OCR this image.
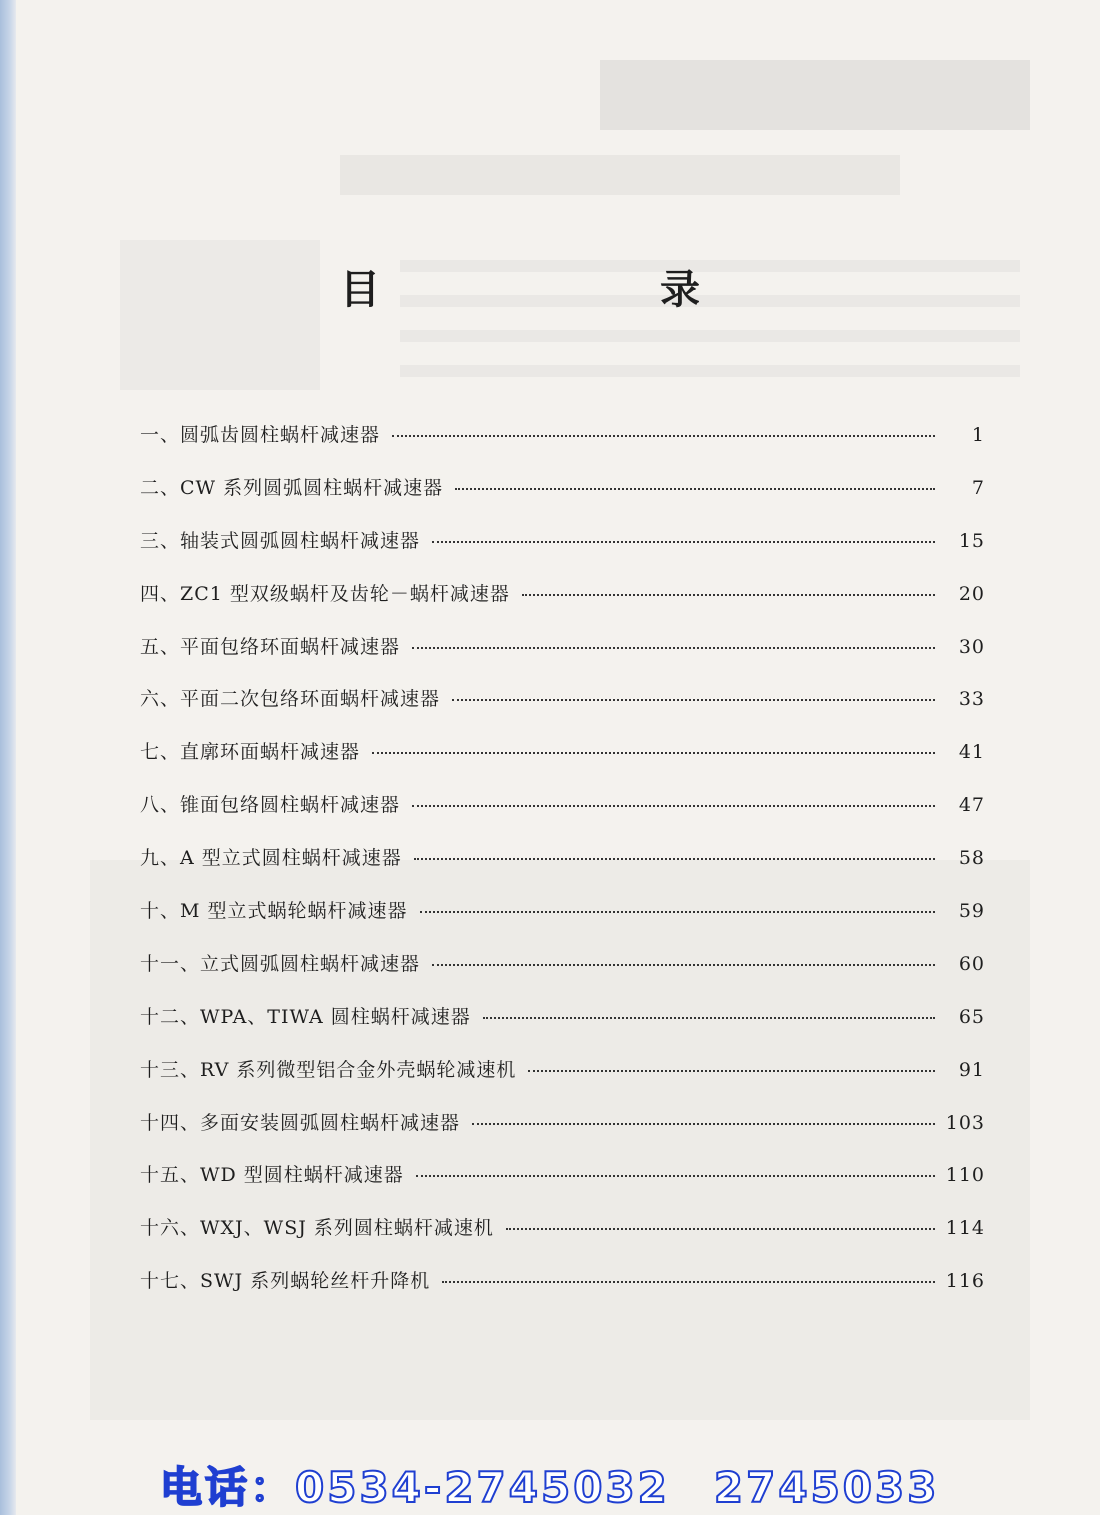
目　录
一、圆弧齿圆柱蜗杆减速器	1
二、CW 系列圆弧圆柱蜗杆减速器	7
三、轴装式圆弧圆柱蜗杆减速器	15
四、ZC1 型双级蜗杆及齿轮－蜗杆减速器	20
五、平面包络环面蜗杆减速器	30
六、平面二次包络环面蜗杆减速器	33
七、直廓环面蜗杆减速器	41
八、锥面包络圆柱蜗杆减速器	47
九、A 型立式圆柱蜗杆减速器	58
十、M 型立式蜗轮蜗杆减速器	59
十一、立式圆弧圆柱蜗杆减速器	60
十二、WPA、TIWA 圆柱蜗杆减速器	65
十三、RV 系列微型铝合金外壳蜗轮减速机	91
十四、多面安装圆弧圆柱蜗杆减速器	103
十五、WD 型圆柱蜗杆减速器	110
十六、WXJ、WSJ 系列圆柱蜗杆减速机	114
十七、SWJ 系列蜗轮丝杆升降机	116
电话：0534-2745032 2745033
